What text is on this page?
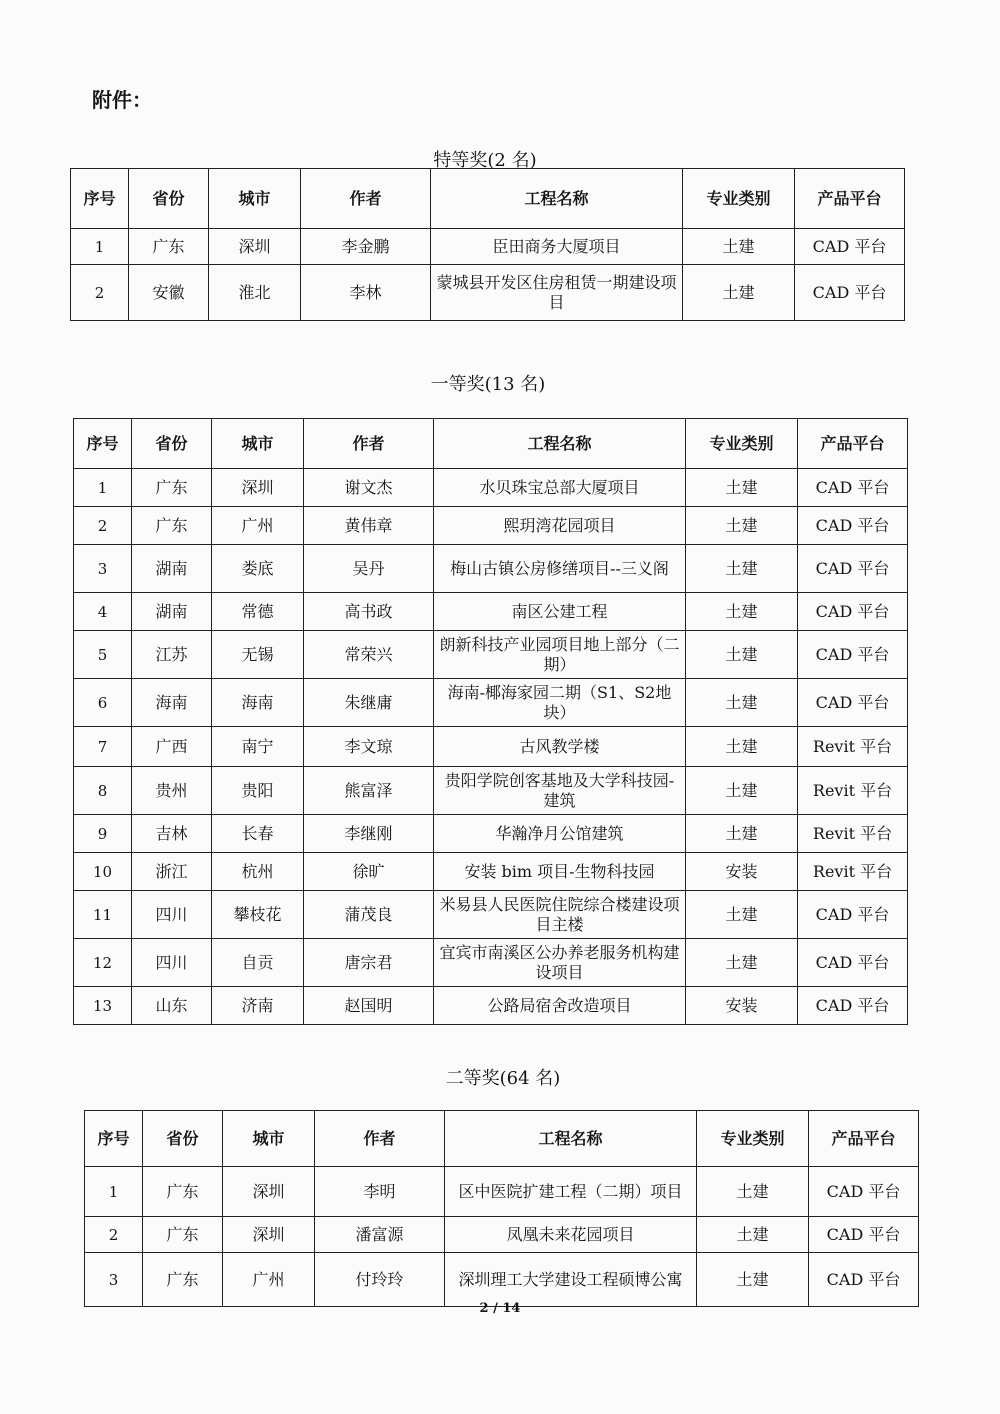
附件：
特等奖(2 名)
序号	省份	城市	作者	工程名称	专业类别	产品平台
1	广东	深圳	李金鹏	臣田商务大厦项目	土建	CAD 平台
2	安徽	淮北	李林	蒙城县开发区住房租赁一期建设项目	土建	CAD 平台
一等奖(13 名)
序号	省份	城市	作者	工程名称	专业类别	产品平台
1	广东	深圳	谢文杰	水贝珠宝总部大厦项目	土建	CAD 平台
2	广东	广州	黄伟章	熙玥湾花园项目	土建	CAD 平台
3	湖南	娄底	吴丹	梅山古镇公房修缮项目--三义阁	土建	CAD 平台
4	湖南	常德	高书政	南区公建工程	土建	CAD 平台
5	江苏	无锡	常荣兴	朗新科技产业园项目地上部分（二期）	土建	CAD 平台
6	海南	海南	朱继庸	海南-椰海家园二期（S1、S2地块）	土建	CAD 平台
7	广西	南宁	李文琼	古风教学楼	土建	Revit 平台
8	贵州	贵阳	熊富泽	贵阳学院创客基地及大学科技园-建筑	土建	Revit 平台
9	吉林	长春	李继刚	华瀚净月公馆建筑	土建	Revit 平台
10	浙江	杭州	徐旷	安装 bim 项目-生物科技园	安装	Revit 平台
11	四川	攀枝花	蒲茂良	米易县人民医院住院综合楼建设项目主楼	土建	CAD 平台
12	四川	自贡	唐宗君	宜宾市南溪区公办养老服务机构建设项目	土建	CAD 平台
13	山东	济南	赵国明	公路局宿舍改造项目	安装	CAD 平台
二等奖(64 名)
序号	省份	城市	作者	工程名称	专业类别	产品平台
1	广东	深圳	李明	区中医院扩建工程（二期）项目	土建	CAD 平台
2	广东	深圳	潘富源	凤凰未来花园项目	土建	CAD 平台
3	广东	广州	付玲玲	深圳理工大学建设工程硕博公寓	土建	CAD 平台
2 / 14
